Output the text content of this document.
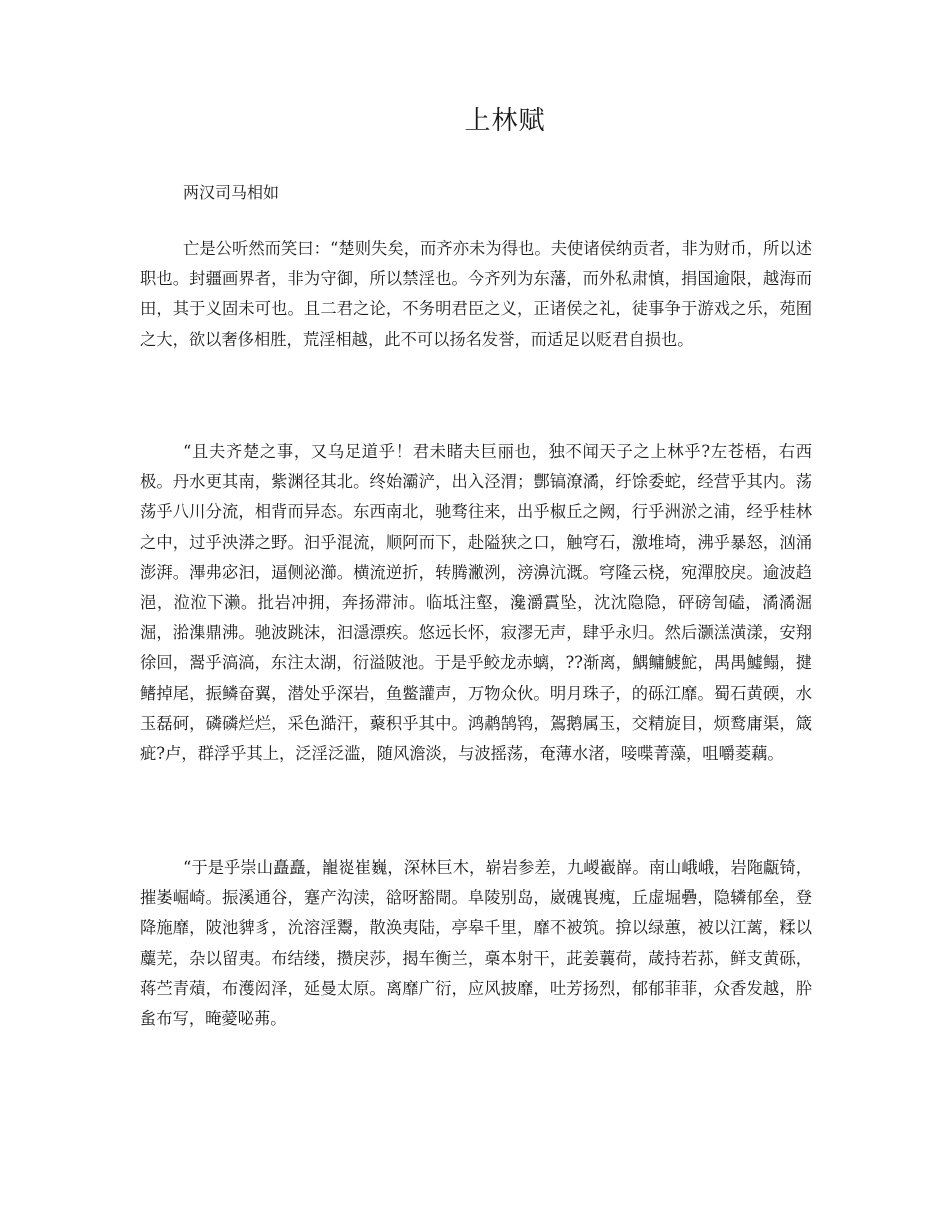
上林赋

两汉司马相如

亡是公听然而笑曰：“楚则失矣，而齐亦未为得也。夫使诸侯纳贡者，非为财币，所以述职也。封疆画界者，非为守御，所以禁淫也。今齐列为东藩，而外私肃慎，捐国逾限，越海而田，其于义固未可也。且二君之论，不务明君臣之义，正诸侯之礼，徒事争于游戏之乐，苑囿之大，欲以奢侈相胜，荒淫相越，此不可以扬名发誉，而适足以贬君自损也。

“且夫齐楚之事，又乌足道乎！君未睹夫巨丽也，独不闻天子之上林乎?左苍梧，右西极。丹水更其南，紫渊径其北。终始灞浐，出入泾渭；酆镐潦潏，纡馀委蛇，经营乎其内。荡荡乎八川分流，相背而异态。东西南北，驰骛往来，出乎椒丘之阙，行乎洲淤之浦，经乎桂林之中，过乎泱漭之野。汩乎混流，顺阿而下，赴隘狭之口，触穹石，激堆埼，沸乎暴怒，汹涌澎湃。滭弗宓汩，逼侧泌瀄。横流逆折，转腾潎洌，滂濞沆溉。穹隆云桡，宛潬胶戾。逾波趋浥，涖涖下濑。批岩冲拥，奔扬滞沛。临坻注壑，瀺灂霣坠，沈沈隐隐，砰磅訇磕，潏潏淈淈，湁潗鼎沸。驰波跳沫，汩濦漂疾。悠远长怀，寂漻无声，肆乎永归。然后灏溔潢漾，安翔徐回，翯乎滈滈，东注太湖，衍溢陂池。于是乎鲛龙赤螭，??渐离，鰅鳙鰬鮀，禺禺鱋鳎，揵鳍掉尾，振鳞奋翼，潜处乎深岩，鱼鳖讙声，万物众伙。明月珠子，的砾江靡。蜀石黄碝，水玉磊砢，磷磷烂烂，采色澔汗，藂积乎其中。鸿鹔鹄鸨，鴐鹅属玉，交精旋目，烦鹜庸渠，箴疵?卢，群浮乎其上，泛淫泛滥，随风澹淡，与波摇荡，奄薄水渚，唼喋菁藻，咀嚼菱藕。

“于是乎崇山矗矗，巃嵸崔巍，深林巨木，崭岩参差，九嵕嶻嶭。南山峨峨，岩陁甗锜，摧崣崛崎。振溪通谷，蹇产沟渎，谽呀豁閜。阜陵别岛，崴磈嵔瘣，丘虚堀礨，隐辚郁垒，登降施靡，陂池貏豸，沇溶淫鬻，散涣夷陆，亭皋千里，靡不被筑。揜以绿蕙，被以江蓠，糅以蘪芜，杂以留夷。布结缕，攒戾莎，揭车衡兰，槀本射干，茈姜蘘荷，葴持若荪，鲜支黄砾，蒋苎青薠，布濩闳泽，延曼太原。离靡广衍，应风披靡，吐芳扬烈，郁郁菲菲，众香发越，肸蚃布写，晻薆咇茀。
